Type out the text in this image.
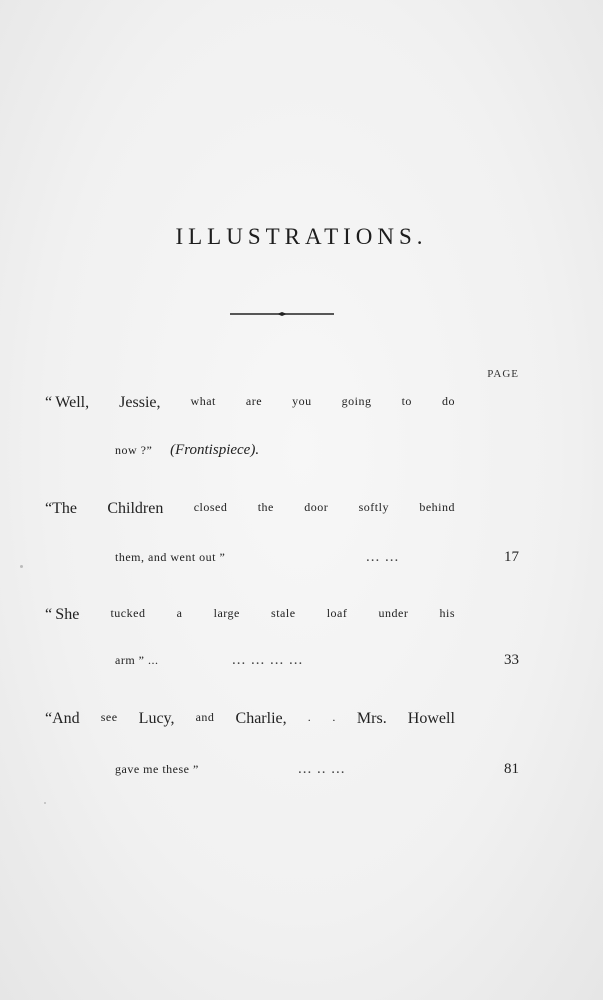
ILLUSTRATIONS.
PAGE
“ Well, Jessie,	what	are	you	going	to	do
now ?” (Frontispiece).
“The Children	closed	the	door	softly	behind
them, and went out ”	... ...	17
“ She	tucked	a	large	stale	loaf	under	his
arm ” ...	... ... ... ...	33
“And see Lucy, and Charlie, . . Mrs. Howell
gave me these ”	... .. ...	81
